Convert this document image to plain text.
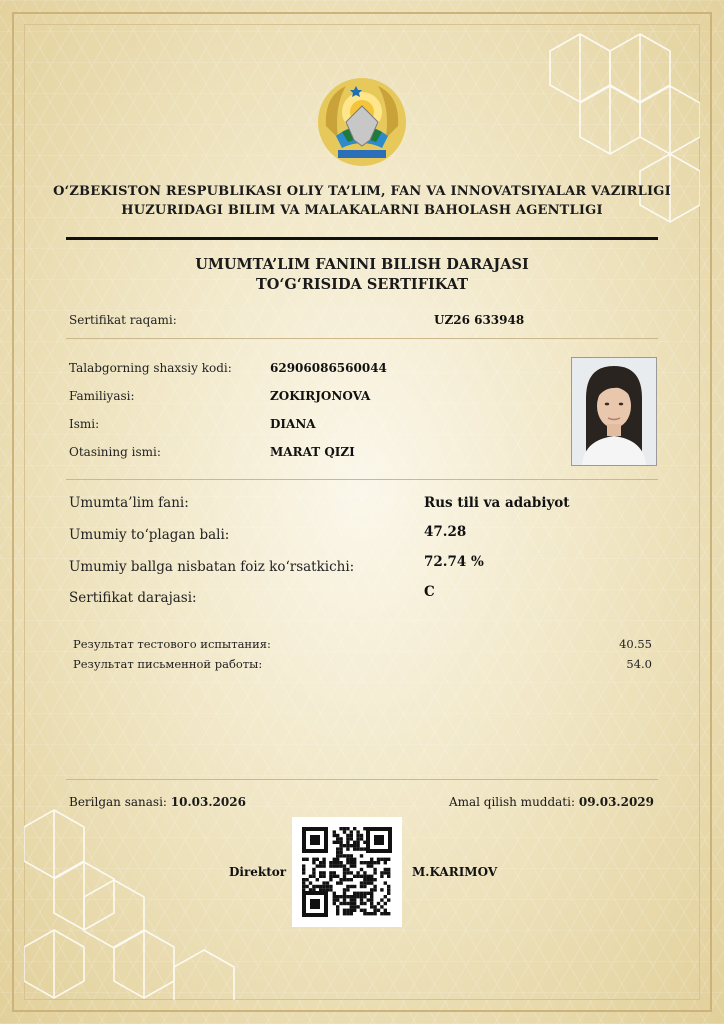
O‘ZBEKISTON RESPUBLIKASI OLIY TA’LIM, FAN VA INNOVATSIYALAR VAZIRLIGI
HUZURIDAGI BILIM VA MALAKALARNI BAHOLASH AGENTLIGI
UMUMTA’LIM FANINI BILISH DARAJASI
TO‘G‘RISIDA SERTIFIKAT
Sertifikat raqami:	UZ26 633948
Talabgorning shaxsiy kodi:	62906086560044
Familiyasi:	ZOKIRJONOVA
Ismi:	DIANA
Otasining ismi:	MARAT QIZI
Umumta’lim fani:	Rus tili va adabiyot
Umumiy to‘plagan bali:	47.28
Umumiy ballga nisbatan foiz ko‘rsatkichi:	72.74 %
Sertifikat darajasi:	C
Результат тестового испытания:	40.55
Результат письменной работы:	54.0
Berilgan sanasi: 10.03.2026	Amal qilish muddati: 09.03.2029
Direktor	M.KARIMOV
